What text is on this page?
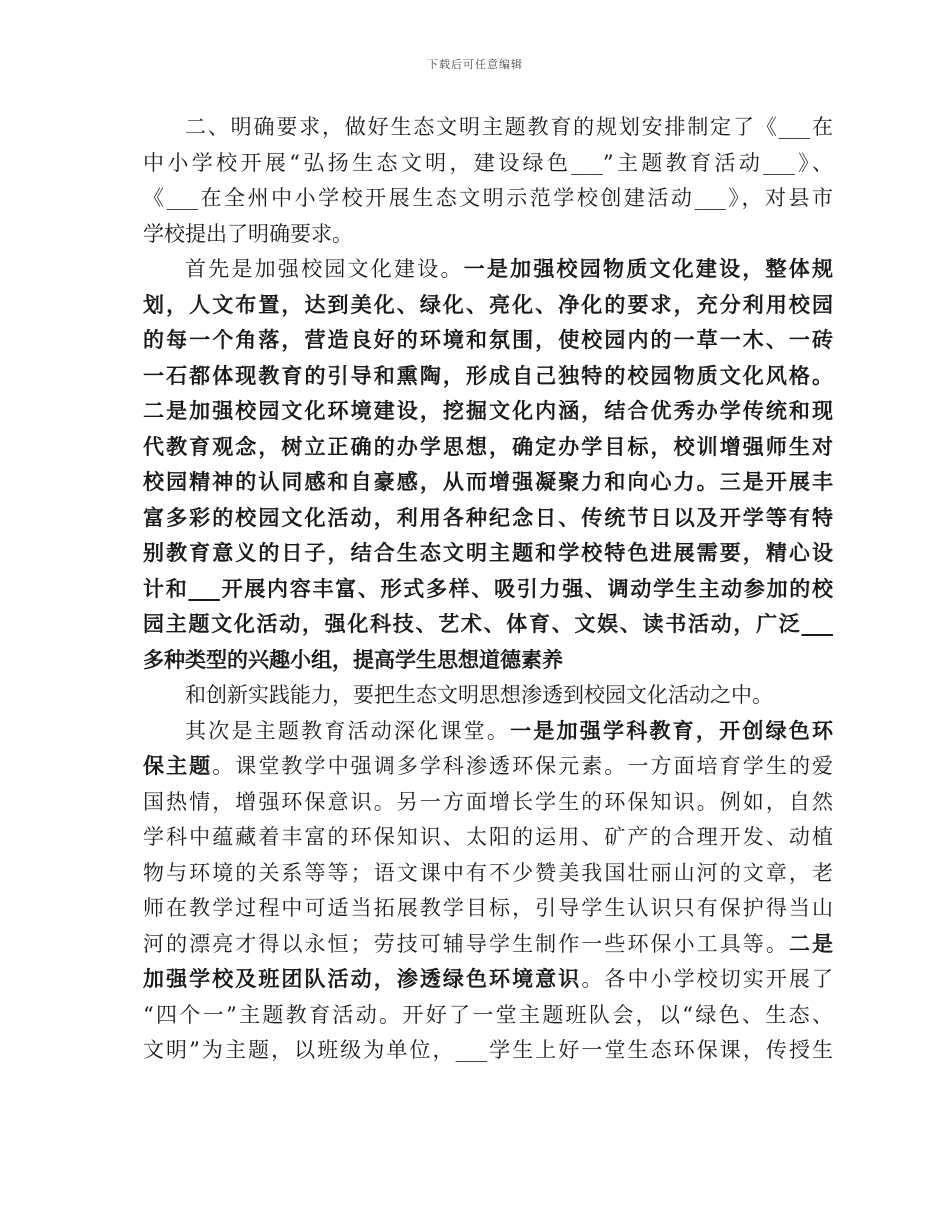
下载后可任意编辑
二、明确要求，做好生态文明主题教育的规划安排制定了《___在
中小学校开展“弘扬生态文明，建设绿色___”主题教育活动___》、
《___在全州中小学校开展生态文明示范学校创建活动___》，对县市
学校提出了明确要求。
首先是加强校园文化建设。一是加强校园物质文化建设，整体规
划，人文布置，达到美化、绿化、亮化、净化的要求，充分利用校园
的每一个角落，营造良好的环境和氛围，使校园内的一草一木、一砖
一石都体现教育的引导和熏陶，形成自己独特的校园物质文化风格。
二是加强校园文化环境建设，挖掘文化内涵，结合优秀办学传统和现
代教育观念，树立正确的办学思想，确定办学目标，校训增强师生对
校园精神的认同感和自豪感，从而增强凝聚力和向心力。三是开展丰
富多彩的校园文化活动，利用各种纪念日、传统节日以及开学等有特
别教育意义的日子，结合生态文明主题和学校特色进展需要，精心设
计和___开展内容丰富、形式多样、吸引力强、调动学生主动参加的校
园主题文化活动，强化科技、艺术、体育、文娱、读书活动，广泛___
多种类型的兴趣小组，提高学生思想道德素养
和创新实践能力，要把生态文明思想渗透到校园文化活动之中。
其次是主题教育活动深化课堂。一是加强学科教育，开创绿色环
保主题。课堂教学中强调多学科渗透环保元素。一方面培育学生的爱
国热情，增强环保意识。另一方面增长学生的环保知识。例如，自然
学科中蕴藏着丰富的环保知识、太阳的运用、矿产的合理开发、动植
物与环境的关系等等；语文课中有不少赞美我国壮丽山河的文章，老
师在教学过程中可适当拓展教学目标，引导学生认识只有保护得当山
河的漂亮才得以永恒；劳技可辅导学生制作一些环保小工具等。二是
加强学校及班团队活动，渗透绿色环境意识。各中小学校切实开展了
“四个一”主题教育活动。开好了一堂主题班队会，以“绿色、生态、
文明”为主题，以班级为单位，___学生上好一堂生态环保课，传授生
